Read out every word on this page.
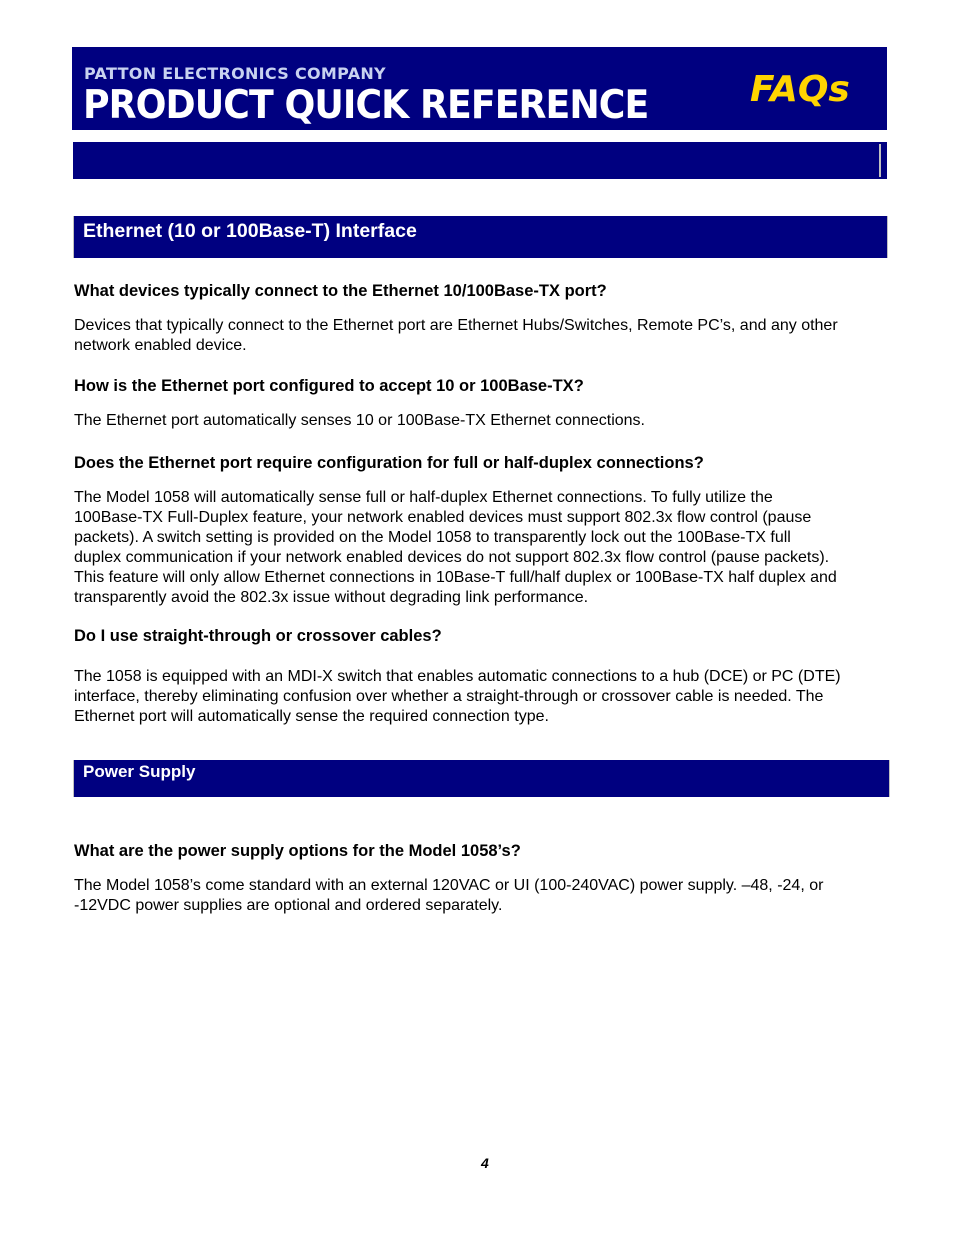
PATTON ELECTRONICS COMPANY
PRODUCT QUICK REFERENCE	FAQs
Ethernet (10 or 100Base-T) Interface
What devices typically connect to the Ethernet 10/100Base-TX port?
Devices that typically connect to the Ethernet port are Ethernet Hubs/Switches, Remote PC’s, and any other
network enabled device.
How is the Ethernet port configured to accept 10 or 100Base-TX?
The Ethernet port automatically senses 10 or 100Base-TX Ethernet connections.
Does the Ethernet port require configuration for full or half-duplex connections?
The Model 1058 will automatically sense full or half-duplex Ethernet connections. To fully utilize the
100Base-TX Full-Duplex feature, your network enabled devices must support 802.3x flow control (pause
packets). A switch setting is provided on the Model 1058 to transparently lock out the 100Base-TX full
duplex communication if your network enabled devices do not support 802.3x flow control (pause packets).
This feature will only allow Ethernet connections in 10Base-T full/half duplex or 100Base-TX half duplex and
transparently avoid the 802.3x issue without degrading link performance.
Do I use straight-through or crossover cables?
The 1058 is equipped with an MDI-X switch that enables automatic connections to a hub (DCE) or PC (DTE)
interface, thereby eliminating confusion over whether a straight-through or crossover cable is needed. The
Ethernet port will automatically sense the required connection type.
Power Supply
What are the power supply options for the Model 1058’s?
The Model 1058’s come standard with an external 120VAC or UI (100-240VAC) power supply. –48, -24, or
-12VDC power supplies are optional and ordered separately.
4
